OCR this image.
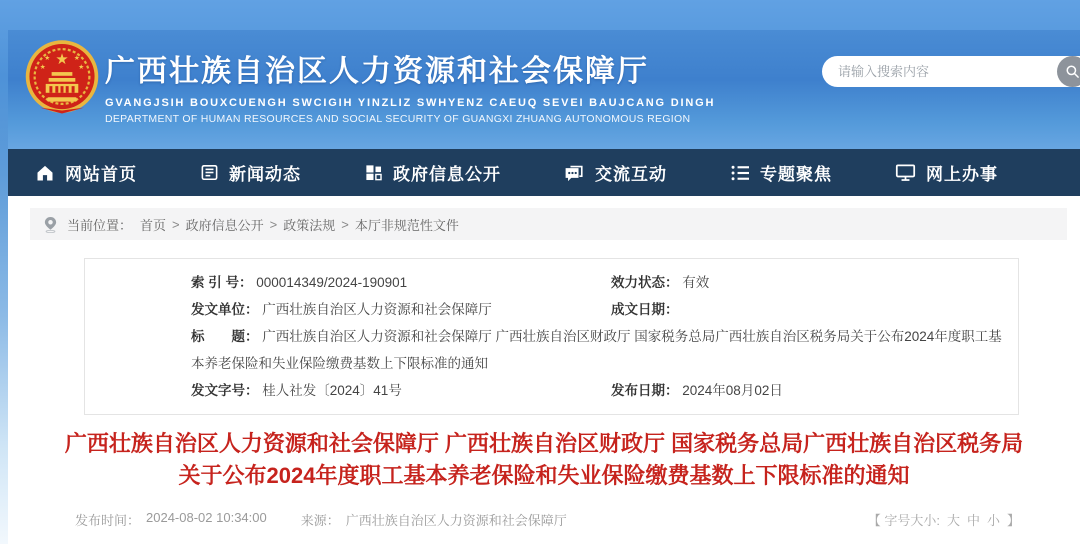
★
★	★
★	★ 广西壮族自治区人力资源和社会保障厅
GVANGJSIH BOUXCUENGH SWCIGIH YINZLIZ SWHYENZ CAEUQ SEVEI BAUJCANG DINGH
DEPARTMENT OF HUMAN RESOURCES AND SOCIAL SECURITY OF GUANGXI ZHUANG AUTONOMOUS REGION
请输入搜索内容
网站首页	新闻动态	政府信息公开	交流互动	专题聚焦	网上办事
当前位置： 首页 > 政府信息公开 > 政策法规 > 本厅非规范性文件
索 引 号： 000014349/2024-190901	效力状态： 有效
发文单位： 广西壮族自治区人力资源和社会保障厅	成文日期：
标　　题： 广西壮族自治区人力资源和社会保障厅 广西壮族自治区财政厅 国家税务总局广西壮族自治区税务局关于公布2024年度职工基本养老保险和失业保险缴费基数上下限标准的通知
发文字号： 桂人社发〔2024〕41号	发布日期： 2024年08月02日
广西壮族自治区人力资源和社会保障厅 广西壮族自治区财政厅 国家税务总局广西壮族自治区税务局关于公布2024年度职工基本养老保险和失业保险缴费基数上下限标准的通知
发布时间： 2024-08-02 10:34:00	来源： 广西壮族自治区人力资源和社会保障厅	【 字号大小: 大 中 小 】
